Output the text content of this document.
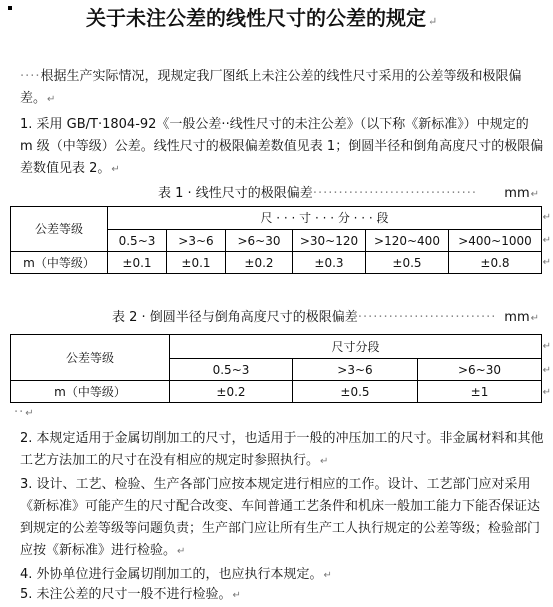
关于未注公差的线性尺寸的公差的规定 ↵
····根据生产实际情况，现规定我厂图纸上未注公差的线性尺寸采用的公差等级和极限偏差。↵
1. 采用 GB/T·1804-92《一般公差··线性尺寸的未注公差》（以下称《新标准》）中规定的 m 级（中等级）公差。线性尺寸的极限偏差数值见表 1；倒圆半径和倒角高度尺寸的极限偏差数值见表 2。↵
表 1 · 线性尺寸的极限偏差································ mm↵
公差等级	尺 · · · 寸 · · · 分 · · · 段					
	0.5~3	>3~6	>6~30	>30~120	>120~400	>400~1000
m（中等级）	±0.1	±0.1	±0.2	±0.3	±0.5	±0.8
↵
↵
↵
表 2 · 倒圆半径与倒角高度尺寸的极限偏差··························· mm↵
公差等级	尺寸分段		
	0.5~3	>3~6	>6~30
m（中等级）	±0.2	±0.5	±1
↵
↵
↵
··↵
2. 本规定适用于金属切削加工的尺寸，也适用于一般的冲压加工的尺寸。非金属材料和其他工艺方法加工的尺寸在没有相应的规定时参照执行。↵
3. 设计、工艺、检验、生产各部门应按本规定进行相应的工作。设计、工艺部门应对采用《新标准》可能产生的尺寸配合改变、车间普通工艺条件和机床一般加工能力下能否保证达到规定的公差等级等问题负责；生产部门应让所有生产工人执行规定的公差等级；检验部门应按《新标准》进行检验。↵
4. 外协单位进行金属切削加工的，也应执行本规定。↵
5. 未注公差的尺寸一般不进行检验。↵
